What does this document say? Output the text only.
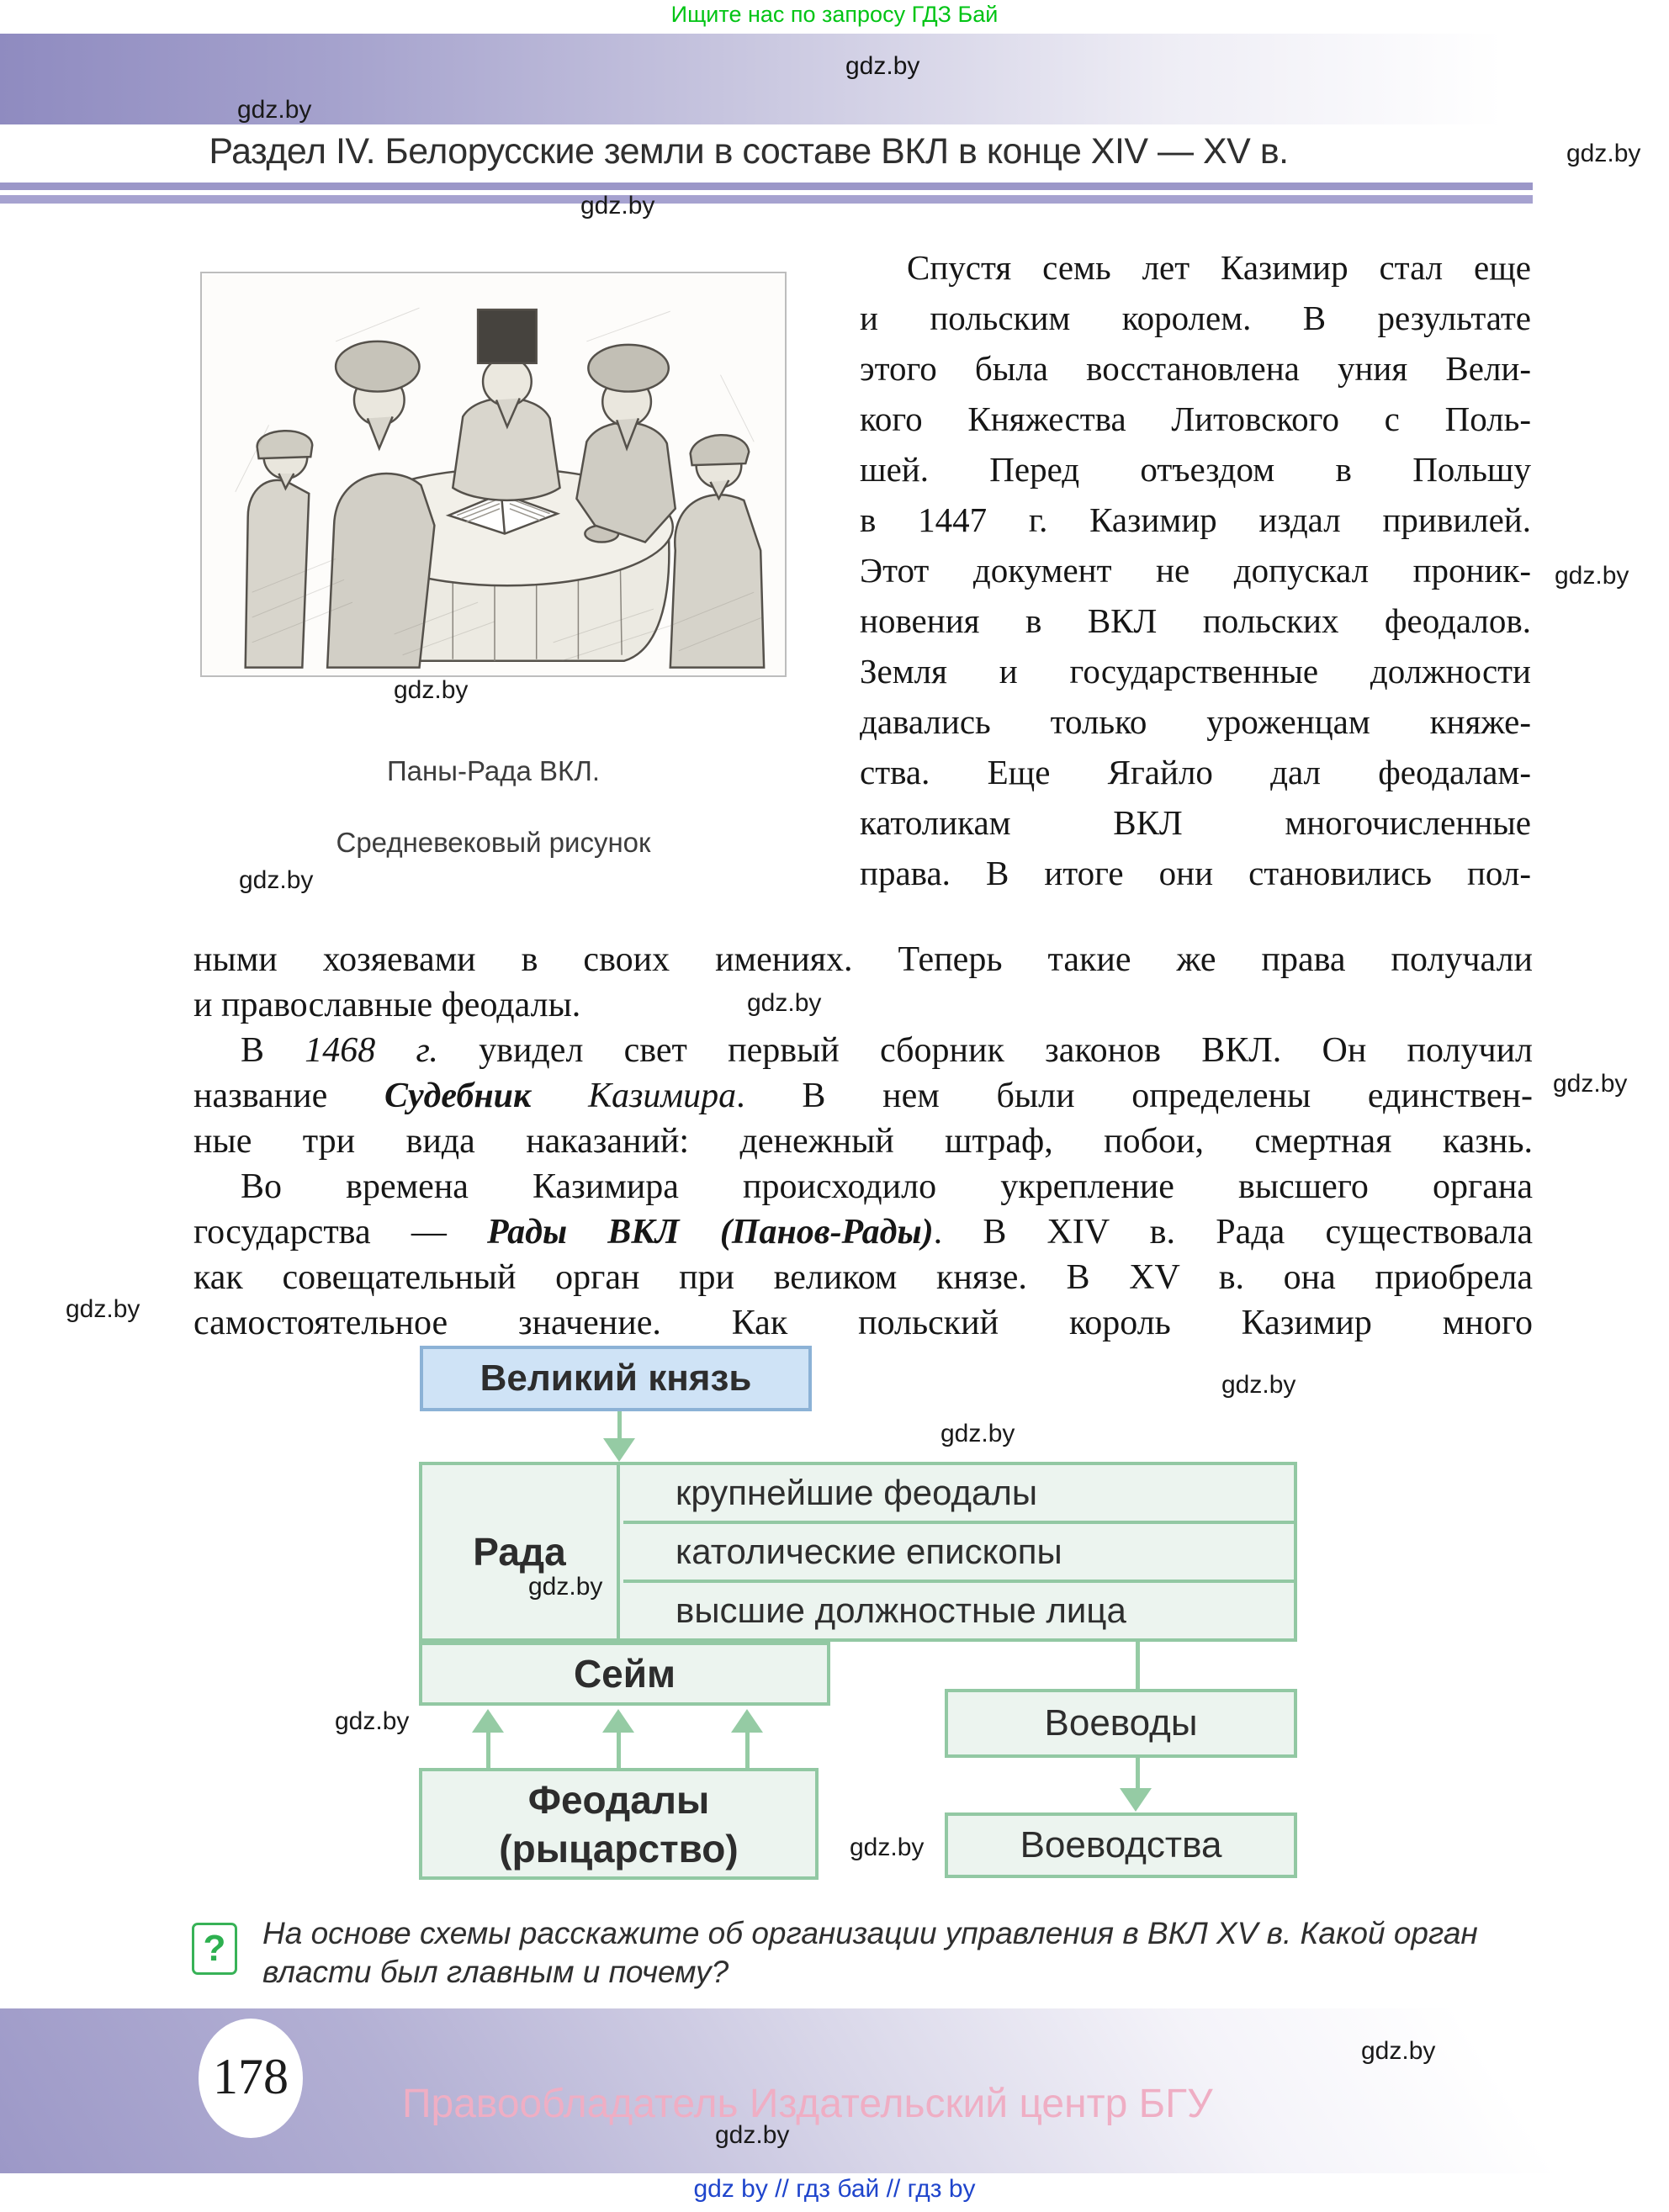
Ищите нас по запросу ГДЗ Бай
gdz.by
gdz.by
Раздел IV. Белорусские земли в составе ВКЛ в конце XIV — XV в.	gdz.by
gdz.by
gdz.by
Паны-Рада ВКЛ.
Средневековый рисунок
gdz.by
Спустя семь лет Казимир стал еще
и польским королем. В результате
этого была восстановлена уния Вели-
кого Княжества Литовского с Поль-
шей. Перед отъездом в Польшу
в 1447 г. Казимир издал привилей.
Этот документ не допускал проник-
новения в ВКЛ польских феодалов.
Земля и государственные должности
давались только уроженцам княже-
ства. Еще Ягайло дал феодалам-
католикам ВКЛ многочисленные
права. В итоге они становились пол-
gdz.by
ными хозяевами в своих имениях. Теперь такие же права получали
и православные феодалы.
В 1468 г. увидел свет первый сборник законов ВКЛ. Он получил
название Судебник Казимира. В нем были определены единствен-
ные три вида наказаний: денежный штраф, побои, смертная казнь.
Во времена Казимира происходило укрепление высшего органа
государства — Рады ВКЛ (Панов-Рады). В XIV в. Рада существовала
как совещательный орган при великом князе. В XV в. она приобрела
самостоятельное значение. Как польский король Казимир много
gdz.by
gdz.by
gdz.by
Великий князь	gdz.by
gdz.by
Рада
крупнейшие феодалы
католические епископы
высшие должностные лица
gdz.by
Сейм
gdz.by
Феодалы
(рыцарство)	gdz.by
Воеводы
Воеводства
?	На основе схемы расскажите об организации управления в ВКЛ XV в. Какой орган
власти был главным и почему?
178	Правообладатель Издательский центр БГУ
gdz.by
gdz.by
gdz by // гдз бай // гдз by
